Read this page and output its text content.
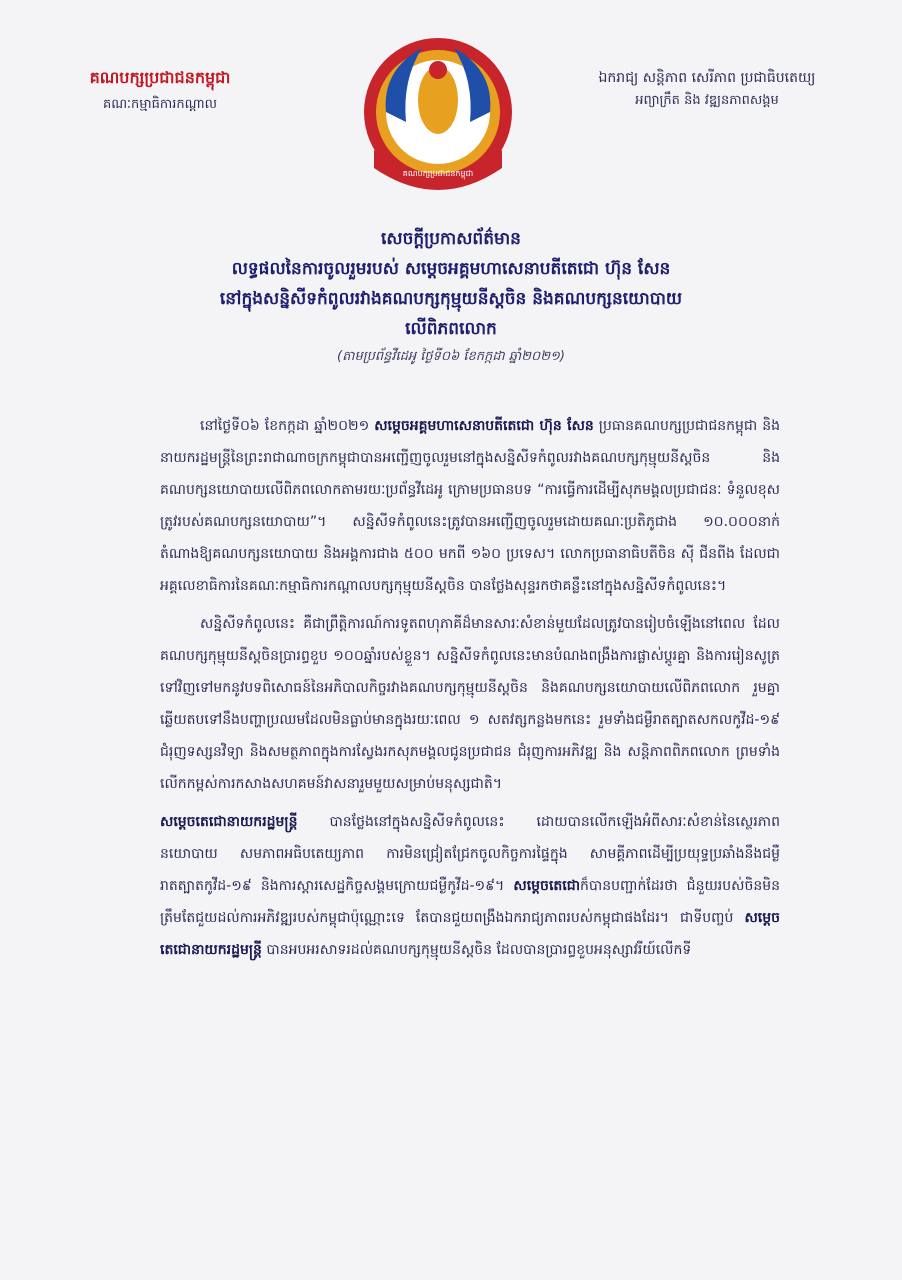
គណបក្សប្រជាជនកម្ពុជា
គណៈកម្មាធិការកណ្តាល
គណបក្សប្រជាជនកម្ពុជា
ឯករាជ្យ សន្តិភាព សេរីភាព ប្រជាធិបតេយ្យ
អព្យាក្រឹត និង វឌ្ឍនភាពសង្គម
សេចក្តីប្រកាសព័ត៌មាន
លទ្ធផលនៃការចូលរួមរបស់ សម្តេចអគ្គមហាសេនាបតីតេជោ ហ៊ុន សែន
នៅក្នុងសន្និសីទកំពូលរវាងគណបក្សកុម្មុយនីស្តចិន និងគណបក្សនយោបាយ
លើពិភពលោក
(តាមប្រព័ន្ធវីដេអូ ថ្ងៃទី០៦ ខែកក្កដា ឆ្នាំ២០២១)

នៅថ្ងៃទី០៦ ខែកក្កដា ឆ្នាំ២០២១ សម្តេចអគ្គមហាសេនាបតីតេជោ ហ៊ុន សែន ប្រធានគណបក្សប្រជាជនកម្ពុជា និងនាយករដ្ឋមន្ត្រីនៃព្រះរាជាណាចក្រកម្ពុជាបានអញ្ជើញចូលរួមនៅក្នុងសន្និសីទកំពូលរវាងគណបក្សកុម្មុយនីស្តចិន និងគណបក្សនយោបាយលើពិភពលោកតាមរយៈប្រព័ន្ធវីដេអូ ក្រោមប្រធានបទ “ការធ្វើការដើម្បីសុភមង្គលប្រជាជនៈ ទំនួលខុសត្រូវរបស់គណបក្សនយោបាយ”។ សន្និសីទកំពូលនេះត្រូវបានអញ្ជើញចូលរួមដោយគណៈប្រតិភូជាង ១០.០០០នាក់ តំណាងឱ្យគណបក្សនយោបាយ និងអង្គការជាង ៥០០ មកពី ១៦០ ប្រទេស។ លោកប្រធានាធិបតីចិន ស៊ី ជីនពីង ដែលជាអគ្គលេខាធិការនៃគណៈកម្មាធិការកណ្តាលបក្សកុម្មុយនីស្តចិន បានថ្លែងសុន្ទរកថាគន្លឹះនៅក្នុងសន្និសីទកំពូលនេះ។

សន្និសីទកំពូលនេះ គឺជាព្រឹត្តិការណ៍ការទូតពហុភាគីដ៏មានសារៈសំខាន់មួយដែលត្រូវបានរៀបចំឡើងនៅពេល ដែលគណបក្សកុម្មុយនីស្តចិនប្រារព្ធខួប ១០០ឆ្នាំរបស់ខ្លួន។ សន្និសីទកំពូលនេះមានបំណងពង្រឹងការផ្លាស់ប្តូរគ្នា និងការរៀនសូត្រទៅវិញទៅមកនូវបទពិសោធន៍នៃអភិបាលកិច្ចរវាងគណបក្សកុម្មុយនីស្តចិន និងគណបក្សនយោបាយលើពិភពលោក រួមគ្នាឆ្លើយតបទៅនឹងបញ្ហាប្រឈមដែលមិនធ្លាប់មានក្នុងរយៈពេល ១ សតវត្សកន្លងមកនេះ រួមទាំងជម្ងឺរាតត្បាតសកលកូវីដ-១៩ ជំរុញទស្សនវិទ្យា និងសមត្ថភាពក្នុងការស្វែងរកសុភមង្គលជូនប្រជាជន ជំរុញការអភិវឌ្ឍ និង សន្តិភាពពិភពលោក ព្រមទាំងលើកកម្ពស់ការកសាងសហគមន៍វាសនារួមមួយសម្រាប់មនុស្សជាតិ។

សម្តេចតេជោនាយករដ្ឋមន្ត្រី បានថ្លែងនៅក្នុងសន្និសីទកំពូលនេះ ដោយបានលើកឡើងអំពីសារៈសំខាន់នៃស្ថេរភាពនយោបាយ សមភាពអធិបតេយ្យភាព ការមិនជ្រៀតជ្រែកចូលកិច្ចការផ្ទៃក្នុង សាមគ្គីភាពដើម្បីប្រយុទ្ធប្រឆាំងនឹងជម្ងឺរាតត្បាតកូវីដ-១៩ និងការស្តារសេដ្ឋកិច្ចសង្គមក្រោយជម្ងឺកូវីដ-១៩។ សម្តេចតេជោក៏បានបញ្ជាក់ដែរថា ជំនួយរបស់ចិនមិនត្រឹមតែជួយដល់ការអភិវឌ្ឍរបស់កម្ពុជាប៉ុណ្ណោះទេ តែបានជួយពង្រឹងឯករាជ្យភាពរបស់កម្ពុជាផងដែរ។ ជាទីបញ្ចប់ សម្តេចតេជោនាយករដ្ឋមន្ត្រី បានអបអរសាទរដល់គណបក្សកុម្មុយនីស្តចិន ដែលបានប្រារព្ធខួបអនុស្សាវរីយ៍លើកទី
